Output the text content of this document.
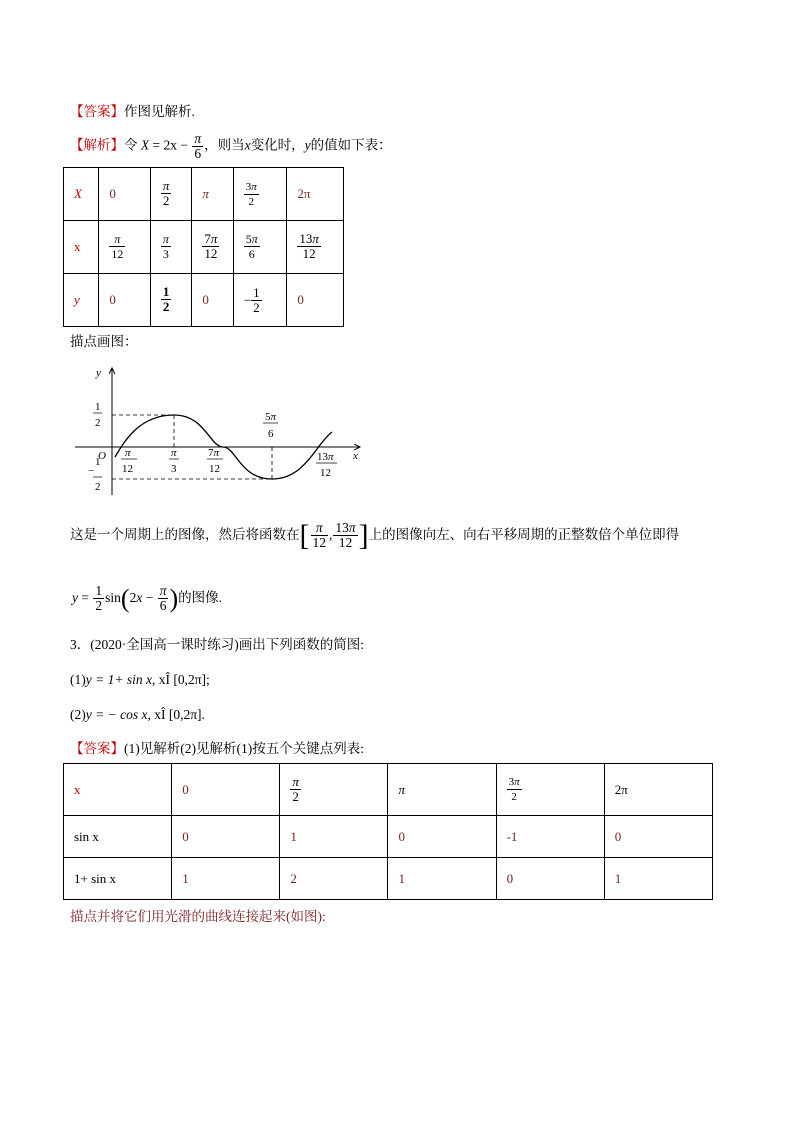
【答案】作图见解析.
【解析】令 $X = 2x - \frac{\pi}{6}$ ，则当x变化时，y的值如下表：
X	0	$\frac{\pi}{2}$	π	$\frac{3\pi}{2}$	2π
x	$\frac{\pi}{12}$	$\frac{\pi}{3}$	$\frac{7\pi}{12}$	$\frac{5\pi}{6}$	$\frac{13\pi}{12}$

y	0	$\frac{1}{2}$	0	− $\frac{1}{2}$	0
描点画图：
y
x
O
1
2
1
−
2
π
12
π
3
7π
12
5π
6
13π
12
这是一个周期上的图像，然后将函数在[ $\frac{\pi}{12}$ , $\frac{13\pi}{12}$ ]上的图像向左、向右平移周期的正整数倍个单位即得
$y = \frac{1}{2} \sin(2x - \frac{\pi}{6}$ )的图像.
3．(2020·全国高一课时练习)画出下列函数的简图:
(1)y = 1+ sin x, xÎ [0,2π];
(2)y = − cos x, xÎ [0,2π].
【答案】(1)见解析(2)见解析(1)按五个关键点列表:
x	0	$\frac{\pi}{2}$	π	$\frac{3\pi}{2}$	2π
sin x	0	1	0	-1	0
1+ sin x	1	2	1	0	1
描点并将它们用光滑的曲线连接起来(如图):
